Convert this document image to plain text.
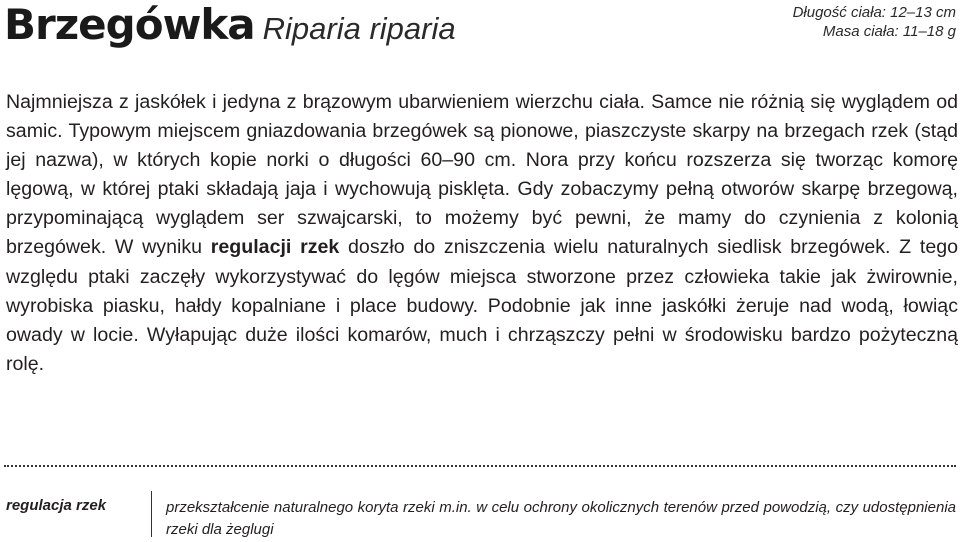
Brzegówka Riparia riparia	Długość ciała: 12–13 cm
Masa ciała: 11–18 g

Najmniejsza z jaskółek i jedyna z brązowym ubarwieniem wierzchu ciała. Samce nie różnią się wyglądem od samic. Typowym miejscem gniazdowania brzegówek są pionowe, piaszczyste skarpy na brzegach rzek (stąd jej nazwa), w których kopie norki o długości 60–90 cm. Nora przy końcu rozszerza się tworząc komorę lęgową, w której ptaki składają jaja i wychowują pisklęta. Gdy zobaczymy pełną otworów skarpę brzegową, przypominającą wyglądem ser szwajcarski, to możemy być pewni, że mamy do czynienia z kolonią brzegówek. W wyniku regulacji rzek doszło do zniszczenia wielu naturalnych siedlisk brzegówek. Z tego względu ptaki zaczęły wykorzystywać do lęgów miejsca stworzone przez człowieka takie jak żwirownie, wyrobiska piasku, hałdy kopalniane i place budowy. Podobnie jak inne jaskółki żeruje nad wodą, łowiąc owady w locie. Wyłapując duże ilości komarów, much i chrząszczy pełni w środowisku bardzo pożyteczną rolę.

regulacja rzek	przekształcenie naturalnego koryta rzeki m.in. w celu ochrony okolicznych terenów przed powodzią, czy udostępnienia rzeki dla żeglugi
